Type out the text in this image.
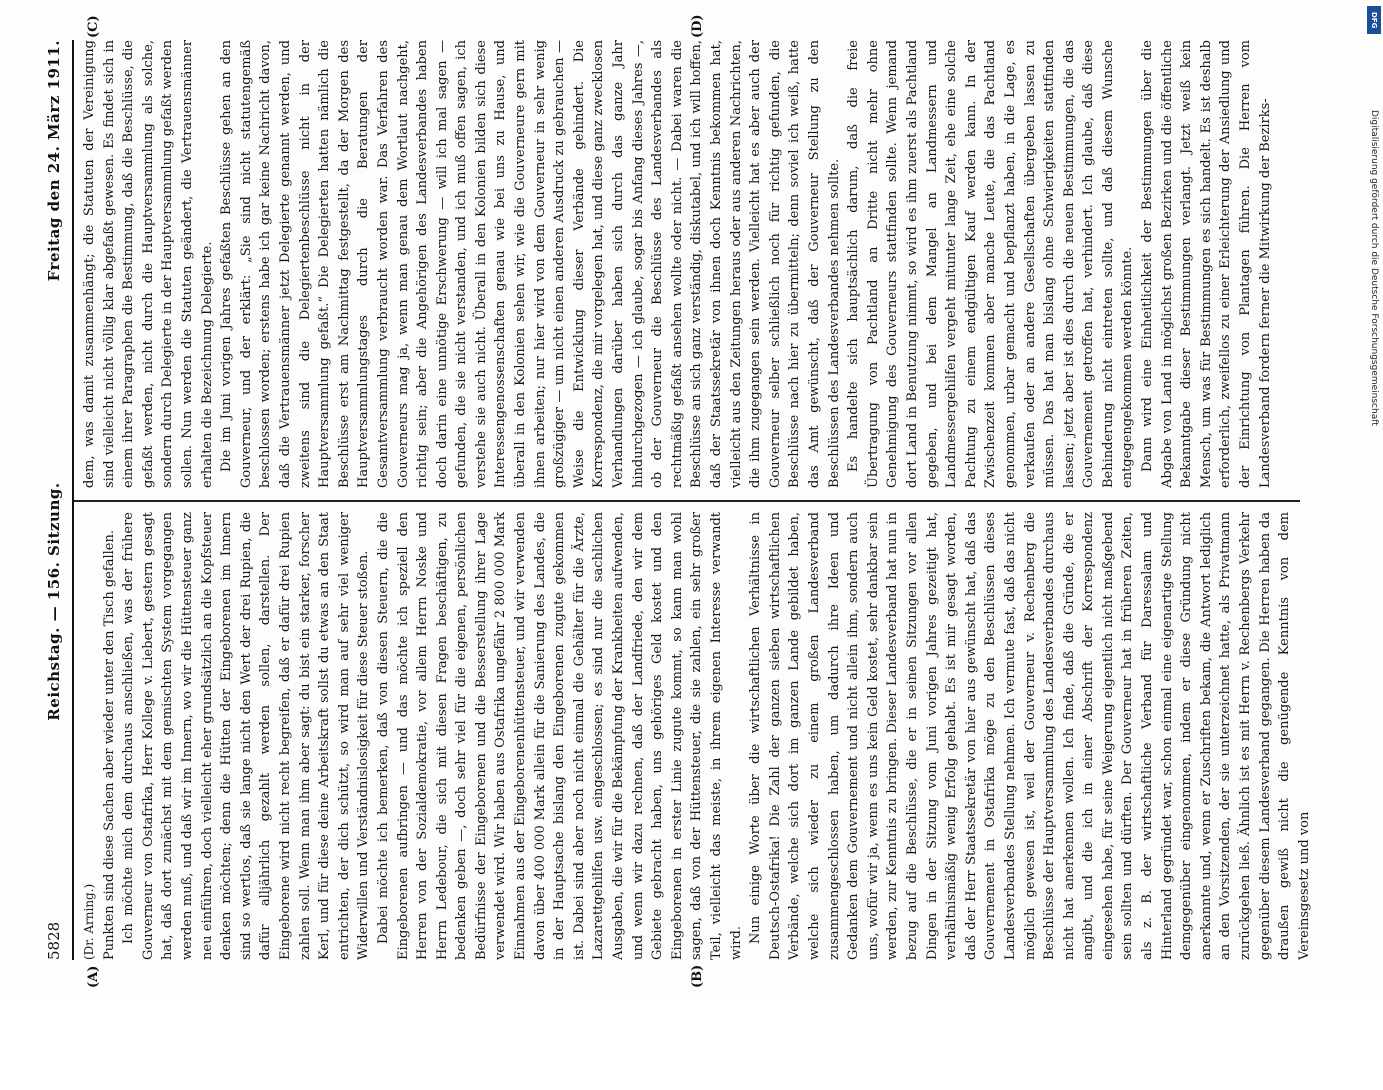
5828
Reichstag. — 156. Sitzung.
Freitag den 24. März 1911.
(A)	(B)
(C)	(D)

(Dr. Arning.) Punkten sind diese Sachen aber wieder unter den Tisch gefallen. Ich möchte mich dem durchaus anschließen, was der frühere Gouverneur von Ostafrika, Herr Kollege v. Liebert, gestern gesagt hat, daß dort zunächst mit dem gemischten System vorgegangen werden muß, und daß wir im Innern, wo wir die Hüttensteuer ganz neu einführen, doch vielleicht eher grundsätzlich an die Kopfsteuer denken möchten; denn die Hütten der Eingeborenen im Innern sind so wertlos, daß sie lange nicht den Wert der drei Rupien, die dafür alljährlich gezahlt werden sollen, darstellen. Der Eingeborene wird nicht recht begreifen, daß er dafür drei Rupien zahlen soll. Wenn man ihm aber sagt: du bist ein starker, forscher Kerl, und für diese deine Arbeitskraft sollst du etwas an den Staat entrichten, der dich schützt, so wird man auf sehr viel weniger Widerwillen und Verständnislosigkeit für diese Steuer stoßen. Dabei möchte ich bemerken, daß von diesen Steuern, die die Eingeborenen aufbringen — und das möchte ich speziell den Herren von der Sozialdemokratie, vor allem Herrn Noske und Herrn Ledebour, die sich mit diesen Fragen beschäftigen, zu bedenken geben —, doch sehr viel für die eigenen, persönlichen Bedürfnisse der Eingeborenen und die Besserstellung ihrer Lage verwendet wird. Wir haben aus Ostafrika ungefähr 2 800 000 Mark Einnahmen aus der Eingeborenenhüttensteuer, und wir verwenden davon über 400 000 Mark allein für die Sanierung des Landes, die in der Hauptsache bislang den Eingeborenen zugute gekommen ist. Dabei sind aber noch nicht einmal die Gehälter für die Ärzte, Lazarettgehilfen usw. eingeschlossen; es sind nur die sachlichen Ausgaben, die wir für die Bekämpfung der Krankheiten aufwenden, und wenn wir dazu rechnen, daß der Landfriede, den wir dem Gebiete gebracht haben, uns gehöriges Geld kostet und den Eingeborenen in erster Linie zugute kommt, so kann man wohl sagen, daß von der Hüttensteuer, die sie zahlen, ein sehr großer Teil, vielleicht das meiste, in ihrem eigenen Interesse verwandt wird. Nun einige Worte über die wirtschaftlichen Verhältnisse in Deutsch-Ostafrika! Die Zahl der ganzen sieben wirtschaftlichen Verbände, welche sich dort im ganzen Lande gebildet haben, welche sich wieder zu einem großen Landesverband zusammengeschlossen haben, um dadurch ihre Ideen und Gedanken dem Gouvernement und nicht allein ihm, sondern auch uns, wofür wir ja, wenn es uns kein Geld kostet, sehr dankbar sein werden, zur Kenntnis zu bringen. Dieser Landesverband hat nun in bezug auf die Beschlüsse, die er in seinen Sitzungen vor allen Dingen in der Sitzung vom Juni vorigen Jahres gezeitigt hat, verhältnismäßig wenig Erfolg gehabt. Es ist mir gesagt worden, daß der Herr Staatssekretär von hier aus gewünscht hat, daß das Gouvernement in Ostafrika möge zu den Beschlüssen dieses Landesverbandes Stellung nehmen. Ich vermute fast, daß das nicht möglich gewesen ist, weil der Gouverneur v. Rechenberg die Beschlüsse der Hauptversammlung des Landesverbandes durchaus nicht hat anerkennen wollen. Ich finde, daß die Gründe, die er angibt, und die ich in einer Abschrift der Korrespondenz eingesehen habe, für seine Weigerung eigentlich nicht maßgebend sein sollten und dürften. Der Gouverneur hat in früheren Zeiten, als z. B. der wirtschaftliche Verband für Daressalam und Hinterland gegründet war, schon einmal eine eigenartige Stellung demgegenüber eingenommen, indem er diese Gründung nicht anerkannte und, wenn er Zuschriften bekam, die Antwort lediglich an den Vorsitzenden, der sie unterzeichnet hatte, als Privatmann zurückgehen ließ. Ähnlich ist es mit Herrn v. Rechenbergs Verkehr gegenüber diesem Landesverband gegangen. Die Herren haben da draußen gewiß nicht die genügende Kenntnis von dem Vereinsgesetz und von

dem, was damit zusammenhängt; die Statuten der Vereinigung sind vielleicht nicht völlig klar abgefaßt gewesen. Es findet sich in einem ihrer Paragraphen die Bestimmung, daß die Beschlüsse, die gefaßt werden, nicht durch die Hauptversammlung als solche, sondern durch Delegierte in der Hauptversammlung gefaßt werden sollen. Nun werden die Statuten geändert, die Vertrauensmänner erhalten die Bezeichnung Delegierte. Die im Juni vorigen Jahres gefaßten Beschlüsse gehen an den Gouverneur, und der erklärt: „Sie sind nicht statutengemäß beschlossen worden; erstens habe ich gar keine Nachricht davon, daß die Vertrauensmänner jetzt Delegierte genannt werden, und zweitens sind die Delegiertenbeschlüsse nicht in der Hauptversammlung gefaßt.“ Die Delegierten hatten nämlich die Beschlüsse erst am Nachmittag festgestellt, da der Morgen des Hauptversammlungstages durch die Beratungen der Gesamtversammlung verbraucht worden war. Das Verfahren des Gouverneurs mag ja, wenn man genau dem Wortlaut nachgeht, richtig sein; aber die Angehörigen des Landesverbandes haben doch darin eine unnötige Erschwerung — will ich mal sagen — gefunden, die sie nicht verstanden, und ich muß offen sagen, ich verstehe sie auch nicht. Überall in den Kolonien bilden sich diese Interessengenossenschaften genau wie bei uns zu Hause, und überall in den Kolonien sehen wir, wie die Gouverneure gern mit ihnen arbeiten; nur hier wird von dem Gouverneur in sehr wenig großzügiger — um nicht einen anderen Ausdruck zu gebrauchen — Weise die Entwicklung dieser Verbände gehindert. Die Korrespondenz, die mir vorgelegen hat, und diese ganz zwecklosen Verhandlungen darüber haben sich durch das ganze Jahr hindurchgezogen — ich glaube, sogar bis Anfang dieses Jahres —, ob der Gouverneur die Beschlüsse des Landesverbandes als rechtmäßig gefaßt ansehen wollte oder nicht. — Dabei waren die Beschlüsse an sich ganz verständig, diskutabel, und ich will hoffen, daß der Staatssekretär von ihnen doch Kenntnis bekommen hat, vielleicht aus den Zeitungen heraus oder aus anderen Nachrichten, die ihm zugegangen sein werden. Vielleicht hat es aber auch der Gouverneur selber schließlich noch für richtig gefunden, die Beschlüsse nach hier zu übermitteln; denn soviel ich weiß, hatte das Amt gewünscht, daß der Gouverneur Stellung zu den Beschlüssen des Landesverbandes nehmen sollte. Es handelte sich hauptsächlich darum, daß die freie Übertragung von Pachtland an Dritte nicht mehr ohne Genehmigung des Gouverneurs stattfinden sollte. Wenn jemand dort Land in Benutzung nimmt, so wird es ihm zuerst als Pachtland gegeben, und bei dem Mangel an Landmessern und Landmessergehilfen vergeht mitunter lange Zeit, ehe eine solche Pachtung zu einem endgültigen Kauf werden kann. In der Zwischenzeit kommen aber manche Leute, die das Pachtland genommen, urbar gemacht und bepflanzt haben, in die Lage, es verkaufen oder an andere Gesellschaften übergeben lassen zu müssen. Das hat man bislang ohne Schwierigkeiten stattfinden lassen; jetzt aber ist dies durch die neuen Bestimmungen, die das Gouvernement getroffen hat, verhindert. Ich glaube, daß diese Behinderung nicht eintreten sollte, und daß diesem Wunsche entgegengekommen werden könnte. Dann wird eine Einheitlichkeit der Bestimmungen über die Abgabe von Land in möglichst großen Bezirken und die öffentliche Bekanntgabe dieser Bestimmungen verlangt. Jetzt weiß kein Mensch, um was für Bestimmungen es sich handelt. Es ist deshalb erforderlich, zweifellos zu einer Erleichterung der Ansiedlung und der Einrichtung von Plantagen führen. Die Herren vom Landesverband fordern ferner die Mitwirkung der Bezirks-

DFG
Digitalisierung gefördert durch die Deutsche Forschungsgemeinschaft
